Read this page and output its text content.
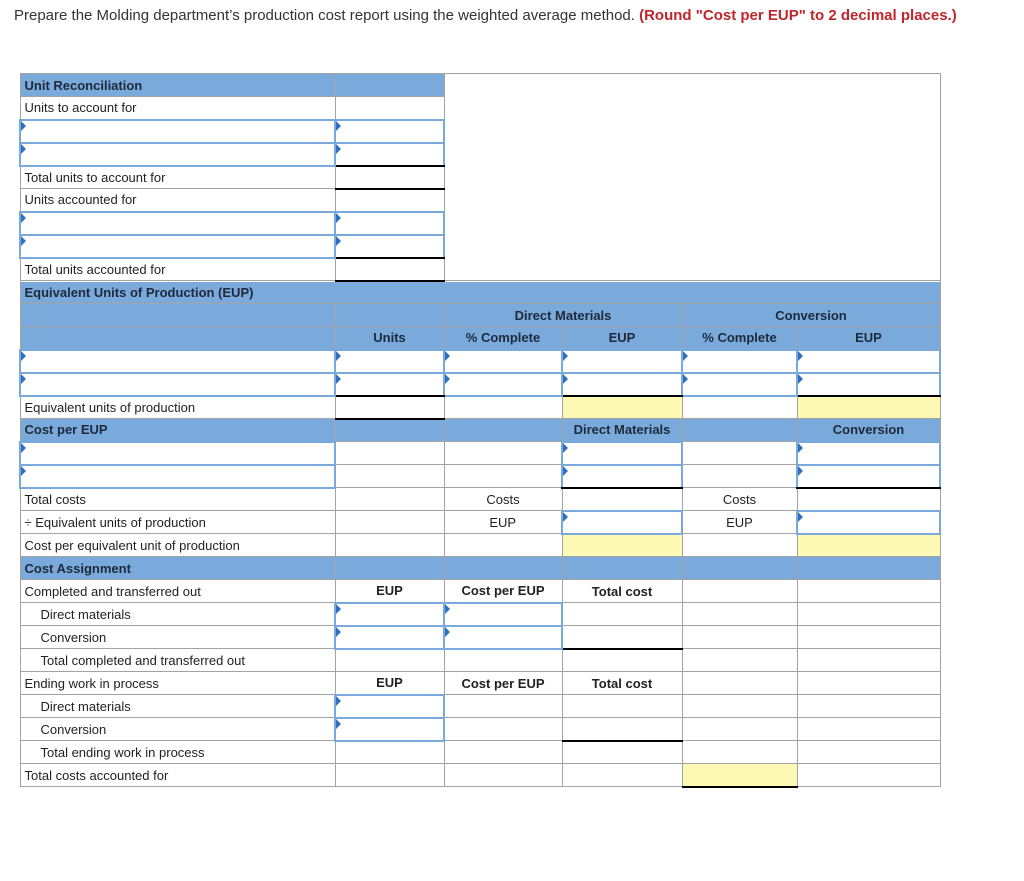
Prepare the Molding department’s production cost report using the weighted average method. (Round "Cost per EUP" to 2 decimal places.)
Unit Reconciliation					
Units to account for					

Total units to account for					
Units accounted for					

Total units accounted for					
Equivalent Units of Production (EUP)					
		Direct Materials		Conversion	
	Units	% Complete	EUP	% Complete	EUP

Equivalent units of production					
Cost per EUP			Direct Materials		Conversion

Total costs		Costs		Costs	
÷ Equivalent units of production		EUP		EUP	
Cost per equivalent unit of production					
Cost Assignment					
Completed and transferred out	EUP	Cost per EUP	Total cost		
Direct materials					
Conversion					
Total completed and transferred out					
Ending work in process	EUP	Cost per EUP	Total cost		
Direct materials					
Conversion					
Total ending work in process					
Total costs accounted for					
